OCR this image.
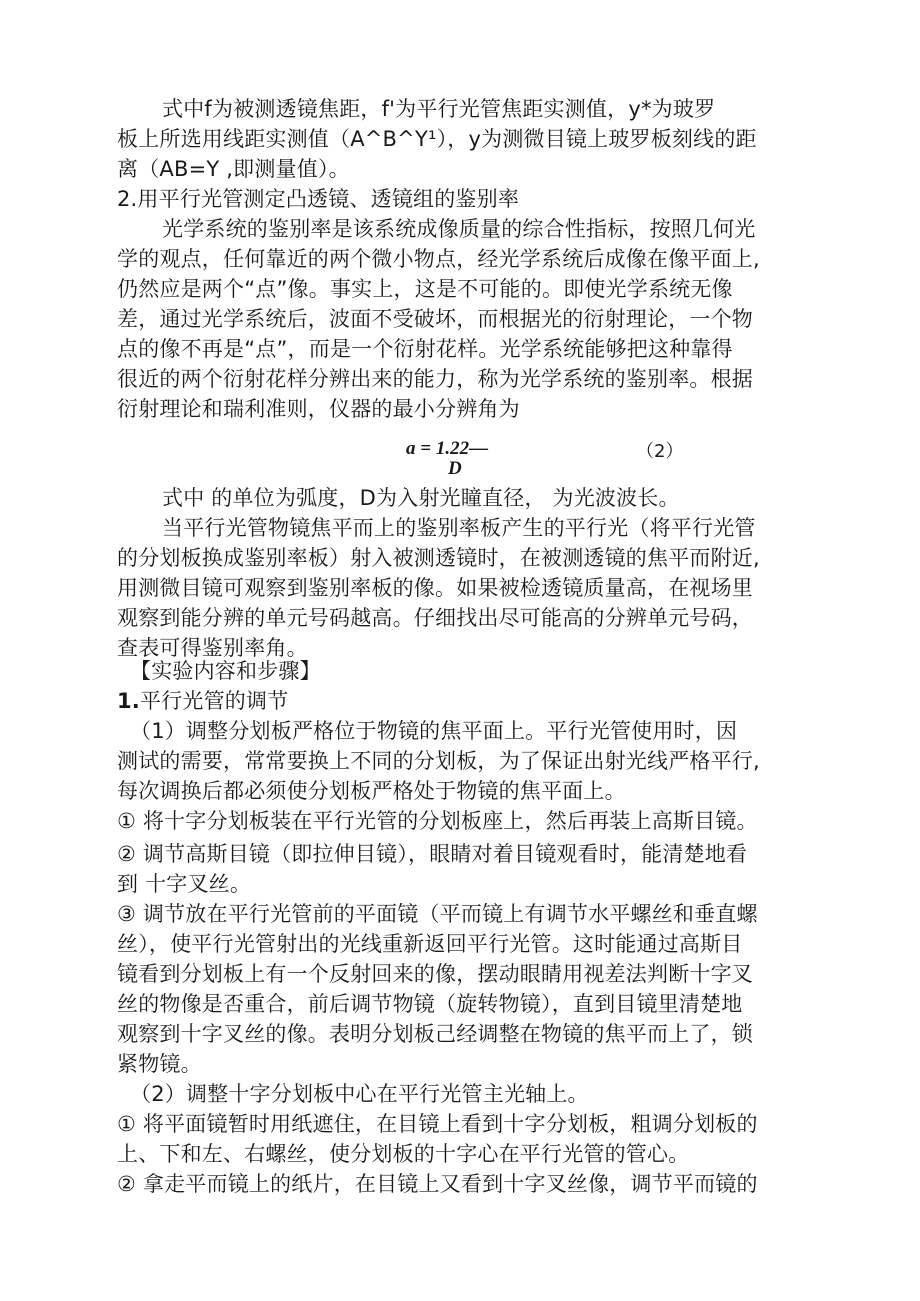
式中f为被测透镜焦距，f'为平行光管焦距实测值，y*为玻罗
板上所选用线距实测值（A^B^Y¹），y为测微目镜上玻罗板刻线的距
离（AB=Y ,即测量值）。
2.用平行光管测定凸透镜、透镜组的鉴别率
光学系统的鉴别率是该系统成像质量的综合性指标，按照几何光
学的观点，任何靠近的两个微小物点，经光学系统后成像在像平面上,
仍然应是两个“点”像。事实上，这是不可能的。即使光学系统无像
差，通过光学系统后，波面不受破坏，而根据光的衍射理论，一个物
点的像不再是“点”，而是一个衍射花样。光学系统能够把这种靠得
很近的两个衍射花样分辨出来的能力，称为光学系统的鉴别率。根据
衍射理论和瑞利准则，仪器的最小分辨角为
a = 1.22—
D
（2）
式中 的单位为弧度，D为入射光瞳直径， 为光波波长。
当平行光管物镜焦平而上的鉴别率板产生的平行光（将平行光管
的分划板换成鉴别率板）射入被测透镜时，在被测透镜的焦平而附近,
用测微目镜可观察到鉴别率板的像。如果被检透镜质量高，在视场里
观察到能分辨的单元号码越高。仔细找出尽可能高的分辨单元号码，
查表可得鉴别率角。
【实验内容和步骤】
1.平行光管的调节
（1）调整分划板严格位于物镜的焦平面上。平行光管使用时，因
测试的需要，常常要换上不同的分划板，为了保证出射光线严格平行,
每次调换后都必须使分划板严格处于物镜的焦平面上。
① 将十字分划板装在平行光管的分划板座上，然后再装上高斯目镜。
② 调节高斯目镜（即拉伸目镜），眼睛对着目镜观看时，能清楚地看
到 十字叉丝。
③ 调节放在平行光管前的平面镜（平而镜上有调节水平螺丝和垂直螺
丝），使平行光管射出的光线重新返回平行光管。这时能通过高斯目
镜看到分划板上有一个反射回来的像，摆动眼睛用视差法判断十字叉
丝的物像是否重合，前后调节物镜（旋转物镜），直到目镜里清楚地
观察到十字叉丝的像。表明分划板己经调整在物镜的焦平而上了，锁
紧物镜。
（2）调整十字分划板中心在平行光管主光轴上。
① 将平面镜暂时用纸遮住，在目镜上看到十字分划板，粗调分划板的
上、下和左、右螺丝，使分划板的十字心在平行光管的管心。
② 拿走平而镜上的纸片，在目镜上又看到十字叉丝像，调节平而镜的
